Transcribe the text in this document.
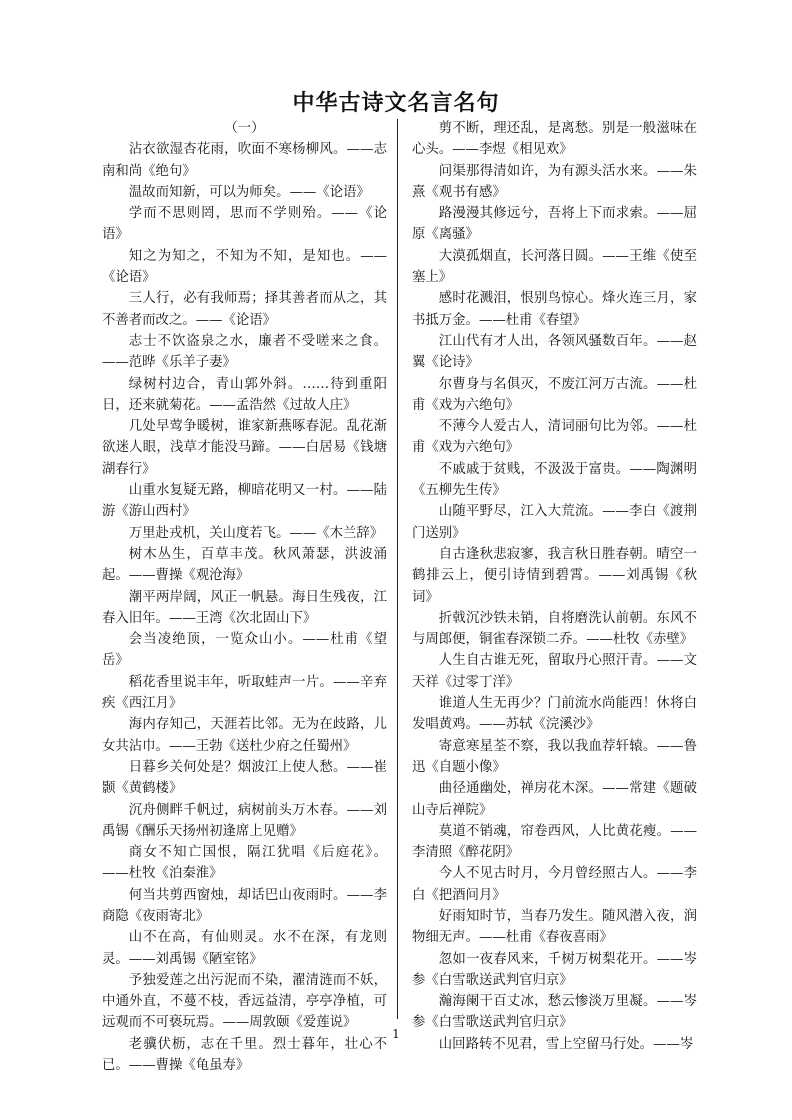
中华古诗文名言名句

（一）

沾衣欲湿杏花雨，吹面不寒杨柳风。——志南和尚《绝句》

温故而知新，可以为师矣。——《论语》

学而不思则罔，思而不学则殆。——《论语》

知之为知之，不知为不知，是知也。——《论语》

三人行，必有我师焉；择其善者而从之，其不善者而改之。——《论语》

志士不饮盗泉之水，廉者不受嗟来之食。——范晔《乐羊子妻》

绿树村边合，青山郭外斜。……待到重阳日，还来就菊花。——孟浩然《过故人庄》

几处早莺争暖树，谁家新燕啄春泥。乱花渐欲迷人眼，浅草才能没马蹄。——白居易《钱塘湖春行》

山重水复疑无路，柳暗花明又一村。——陆游《游山西村》

万里赴戎机，关山度若飞。——《木兰辞》

树木丛生，百草丰茂。秋风萧瑟，洪波涌起。——曹操《观沧海》

潮平两岸阔，风正一帆悬。海日生残夜，江春入旧年。——王湾《次北固山下》

会当凌绝顶，一览众山小。——杜甫《望岳》

稻花香里说丰年，听取蛙声一片。——辛弃疾《西江月》

海内存知己，天涯若比邻。无为在歧路，儿女共沾巾。——王勃《送杜少府之任蜀州》

日暮乡关何处是？烟波江上使人愁。——崔颢《黄鹤楼》

沉舟侧畔千帆过，病树前头万木春。——刘禹锡《酬乐天扬州初逢席上见赠》

商女不知亡国恨，隔江犹唱《后庭花》。——杜牧《泊秦淮》

何当共剪西窗烛，却话巴山夜雨时。——李商隐《夜雨寄北》

山不在高，有仙则灵。水不在深，有龙则灵。——刘禹锡《陋室铭》

予独爱莲之出污泥而不染，濯清涟而不妖，中通外直，不蔓不枝，香远益清，亭亭净植，可远观而不可亵玩焉。——周敦颐《爱莲说》

老骥伏枥，志在千里。烈士暮年，壮心不已。——曹操《龟虽寿》

剪不断，理还乱，是离愁。别是一般滋味在心头。——李煜《相见欢》

问渠那得清如许，为有源头活水来。——朱熹《观书有感》

路漫漫其修远兮，吾将上下而求索。——屈原《离骚》

大漠孤烟直，长河落日圆。——王维《使至塞上》

感时花溅泪，恨别鸟惊心。烽火连三月，家书抵万金。——杜甫《春望》

江山代有才人出，各领风骚数百年。——赵翼《论诗》

尔曹身与名俱灭，不废江河万古流。——杜甫《戏为六绝句》

不薄今人爱古人，清词丽句比为邻。——杜甫《戏为六绝句》

不戚戚于贫贱，不汲汲于富贵。——陶渊明《五柳先生传》

山随平野尽，江入大荒流。——李白《渡荆门送别》

自古逢秋悲寂寥，我言秋日胜春朝。晴空一鹤排云上，便引诗情到碧霄。——刘禹锡《秋词》

折戟沉沙铁未销，自将磨洗认前朝。东风不与周郎便，铜雀春深锁二乔。——杜牧《赤壁》

人生自古谁无死，留取丹心照汗青。——文天祥《过零丁洋》

谁道人生无再少？门前流水尚能西！休将白发唱黄鸡。——苏轼《浣溪沙》

寄意寒星荃不察，我以我血荐轩辕。——鲁迅《自题小像》

曲径通幽处，禅房花木深。——常建《题破山寺后禅院》

莫道不销魂，帘卷西风，人比黄花瘦。——李清照《醉花阴》

今人不见古时月，今月曾经照古人。——李白《把酒问月》

好雨知时节，当春乃发生。随风潜入夜，润物细无声。——杜甫《春夜喜雨》

忽如一夜春风来，千树万树梨花开。——岑参《白雪歌送武判官归京》

瀚海阑干百丈冰，愁云惨淡万里凝。——岑参《白雪歌送武判官归京》

山回路转不见君，雪上空留马行处。——岑

1
